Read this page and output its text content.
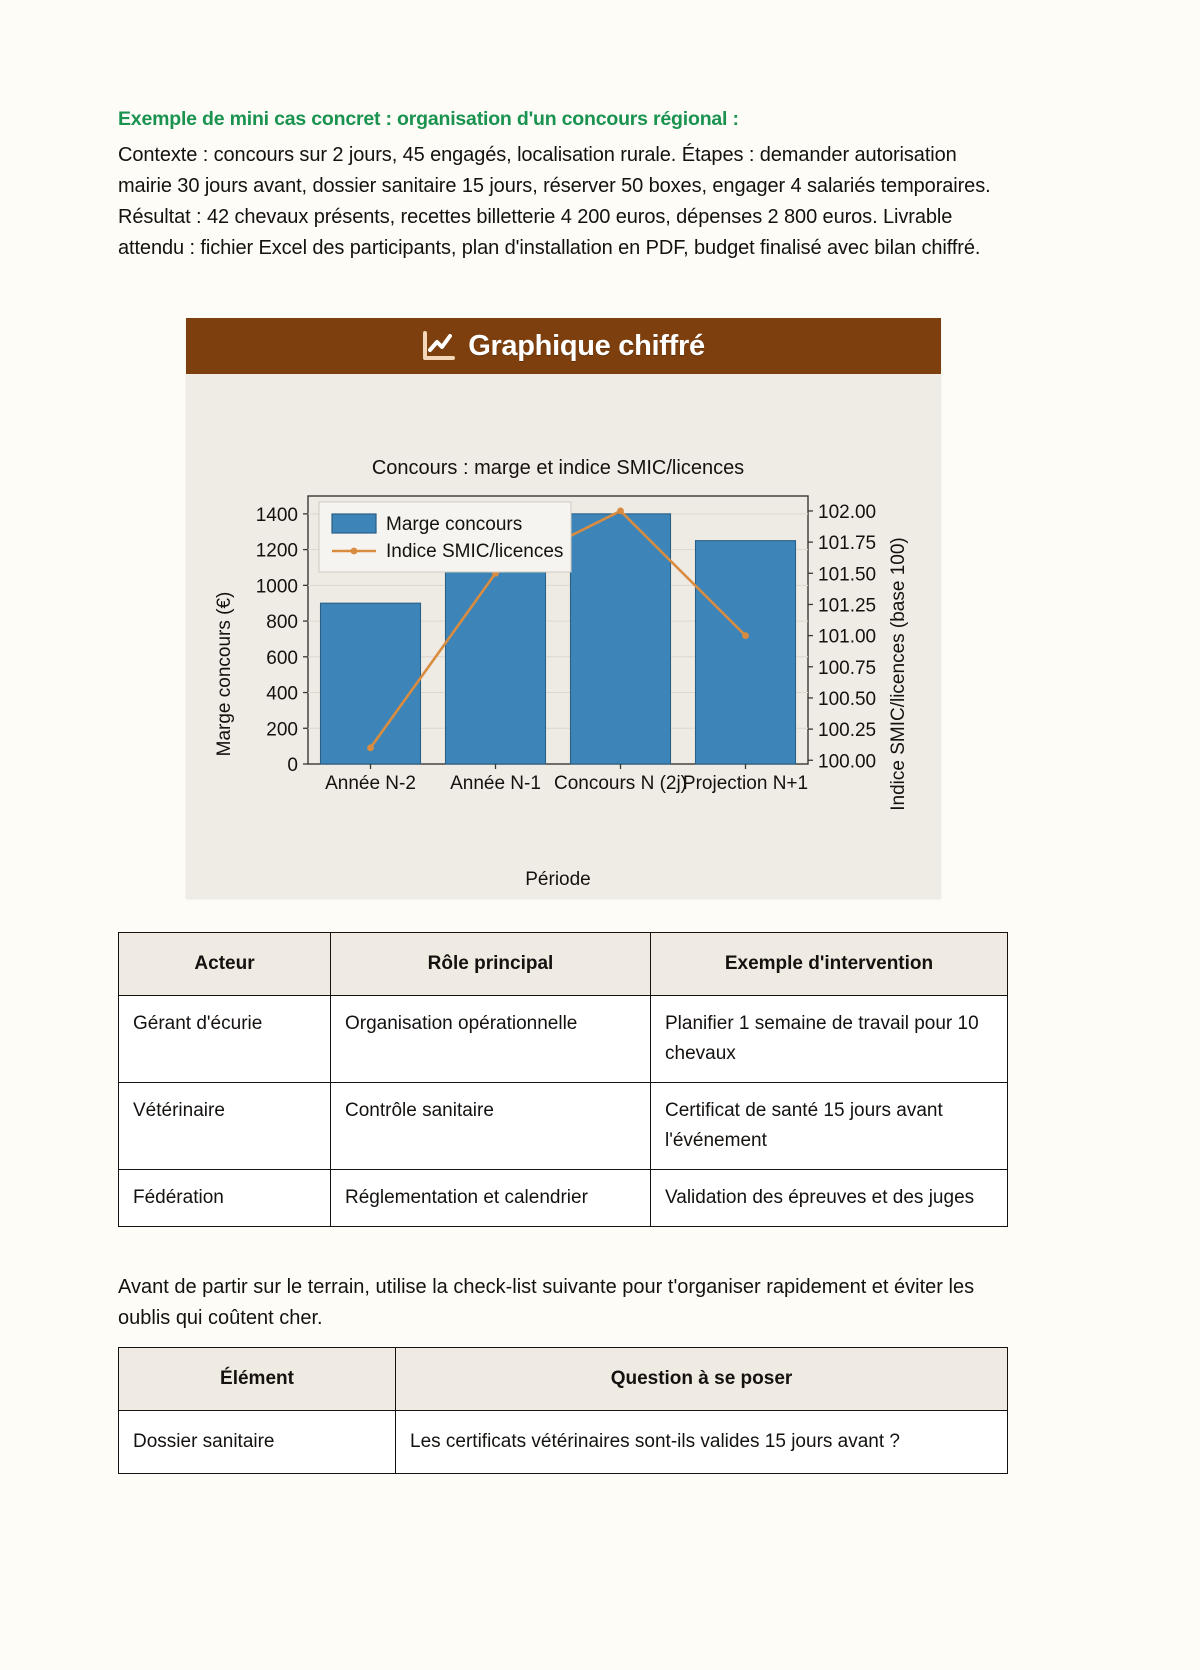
Exemple de mini cas concret : organisation d'un concours régional :

Contexte : concours sur 2 jours, 45 engagés, localisation rurale. Étapes : demander autorisation mairie 30 jours avant, dossier sanitaire 15 jours, réserver 50 boxes, engager 4 salariés temporaires. Résultat : 42 chevaux présents, recettes billetterie 4 200 euros, dépenses 2 800 euros. Livrable attendu : fichier Excel des participants, plan d'installation en PDF, budget finalisé avec bilan chiffré.

Graphique chiffré
0
200
400
600
800
1000
1200
1400
100.00
100.25
100.50
100.75
101.00
101.25
101.50
101.75
102.00
Année N-2 Année N-1 Concours N (2j)
Projection N+1
Concours : marge et indice SMIC/licences
Période
Marge concours (€)	Indice SMIC/licences (base 100)
Marge concours
Indice SMIC/licences
Acteur	Rôle principal	Exemple d'intervention
Gérant d'écurie	Organisation opérationnelle	Planifier 1 semaine de travail pour 10 chevaux
Vétérinaire	Contrôle sanitaire	Certificat de santé 15 jours avant l'événement
Fédération	Réglementation et calendrier	Validation des épreuves et des juges

Avant de partir sur le terrain, utilise la check-list suivante pour t'organiser rapidement et éviter les oublis qui coûtent cher.

Élément	Question à se poser
Dossier sanitaire	Les certificats vétérinaires sont-ils valides 15 jours avant ?
